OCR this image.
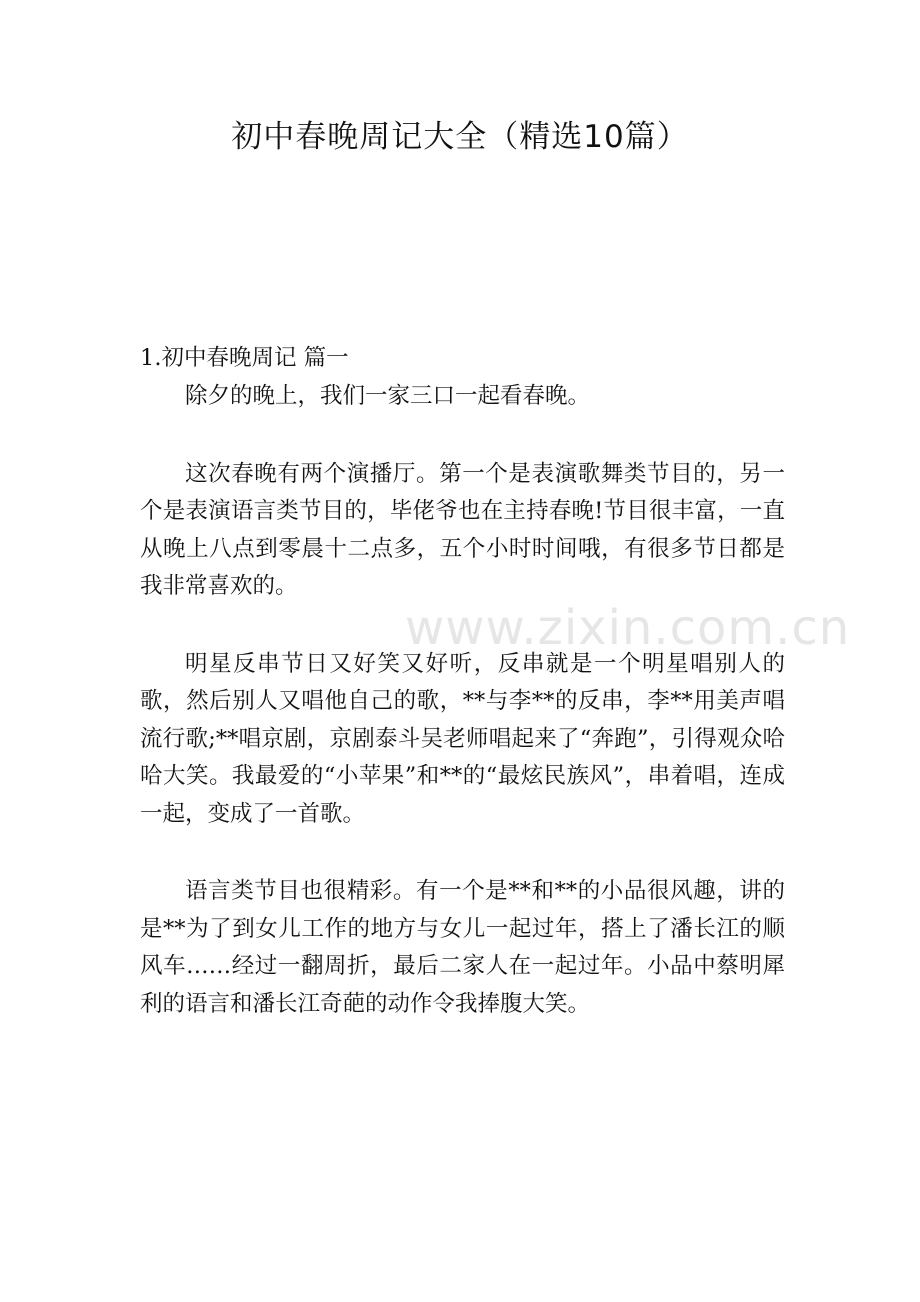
www.zixin.com.cn
初中春晚周记大全（精选10篇）

1.初中春晚周记 篇一

除夕的晚上，我们一家三口一起看春晚。

这次春晚有两个演播厅。第一个是表演歌舞类节目的，另一个是表演语言类节目的，毕佬爷也在主持春晚!节目很丰富，一直从晚上八点到零晨十二点多，五个小时时间哦，有很多节日都是我非常喜欢的。

明星反串节日又好笑又好听，反串就是一个明星唱别人的歌，然后别人又唱他自己的歌，**与李**的反串，李**用美声唱流行歌;**唱京剧，京剧泰斗吴老师唱起来了“奔跑”，引得观众哈哈大笑。我最爱的“小苹果”和**的“最炫民族风”，串着唱，连成一起，变成了一首歌。

语言类节目也很精彩。有一个是**和**的小品很风趣，讲的是**为了到女儿工作的地方与女儿一起过年，搭上了潘长江的顺风车……经过一翻周折，最后二家人在一起过年。小品中蔡明犀利的语言和潘长江奇葩的动作令我捧腹大笑。
